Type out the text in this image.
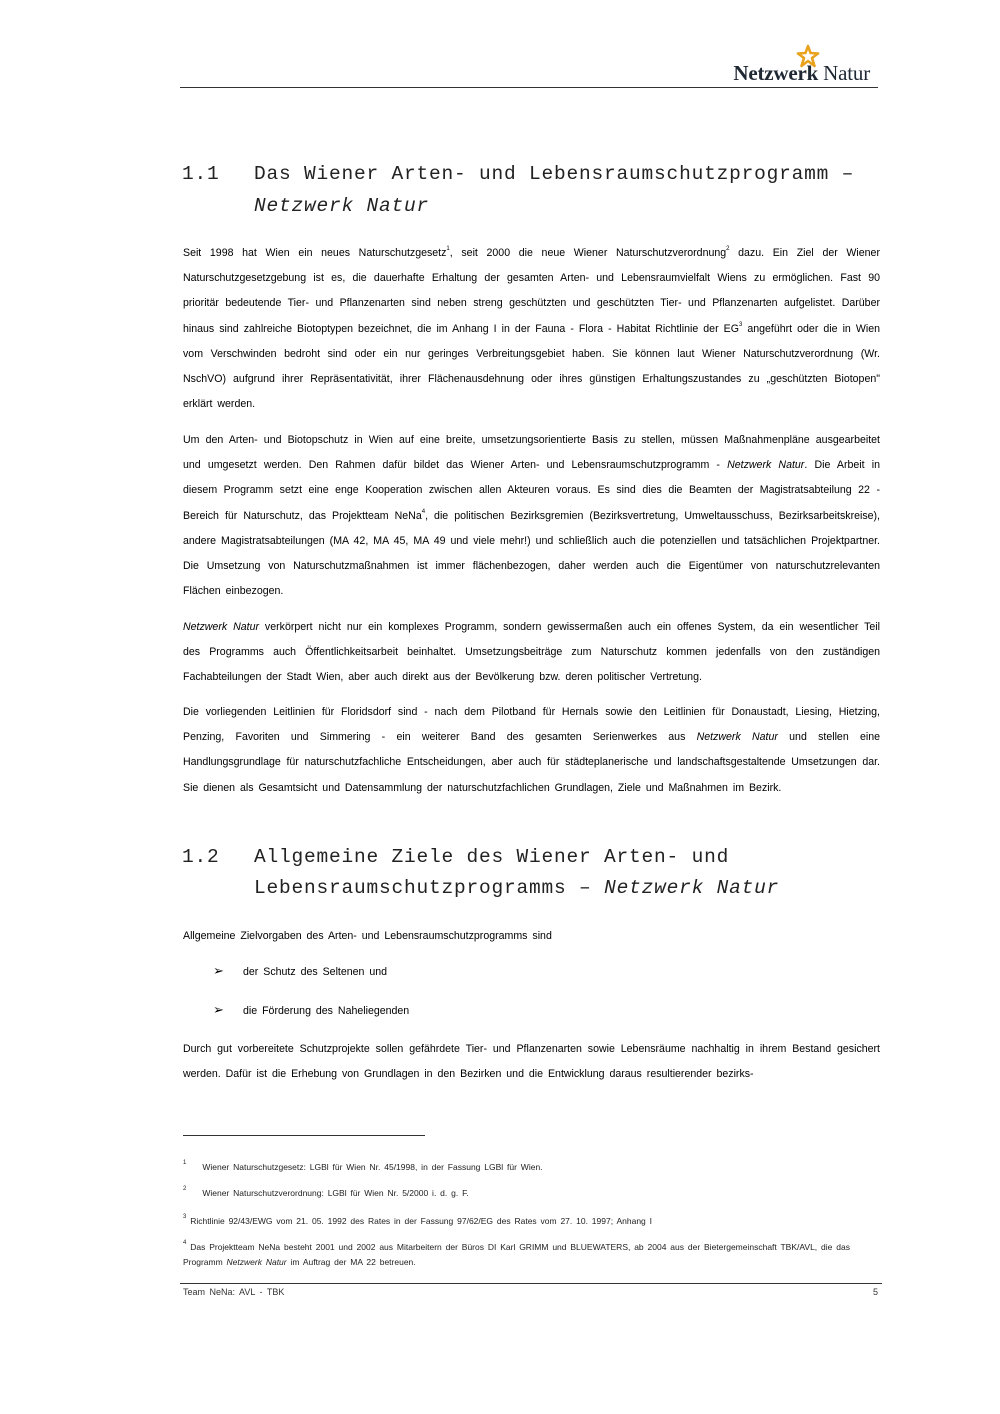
Netzwerk Natur
1.1 Das Wiener Arten- und Lebensraumschutzprogramm –
Netzwerk Natur
Seit 1998 hat Wien ein neues Naturschutzgesetz$^1$, seit 2000 die neue Wiener Naturschutzverordnung$^2$ dazu. Ein Ziel der Wiener Naturschutzgesetzgebung ist es, die dauerhafte Erhaltung der gesamten Arten- und Lebensraumvielfalt Wiens zu ermöglichen. Fast 90 prioritär bedeutende Tier- und Pflanzenarten sind neben streng geschützten und geschützten Tier- und Pflanzenarten aufgelistet. Darüber hinaus sind zahlreiche Biotoptypen bezeichnet, die im Anhang I in der Fauna - Flora - Habitat Richtlinie der $EG^3$ angeführt oder die in Wien vom Verschwinden bedroht sind oder ein nur geringes Verbreitungsgebiet haben. Sie können laut Wiener Naturschutzverordnung (Wr. NschVO) aufgrund ihrer Repräsentativität, ihrer Flächenausdehnung oder ihres günstigen Erhaltungszustandes zu „geschützten Biotopen" erklärt werden.
Um den Arten- und Biotopschutz in Wien auf eine breite, umsetzungsorientierte Basis zu stellen, müssen Maßnahmenpläne ausgearbeitet und umgesetzt werden. Den Rahmen dafür bildet das Wiener Arten- und Lebensraumschutzprogramm - Netzwerk Natur. Die Arbeit in diesem Programm setzt eine enge Kooperation zwischen allen Akteuren voraus. Es sind dies die Beamten der Magistratsabteilung 22 - Bereich für Naturschutz, das Projektteam NeNa$^4$, die politischen Bezirksgremien (Bezirksvertretung, Umweltausschuss, Bezirksarbeitskreise), andere Magistratsabteilungen (MA 42, MA 45, MA 49 und viele mehr!) und schließlich auch die potenziellen und tatsächlichen Projektpartner. Die Umsetzung von Naturschutzmaßnahmen ist immer flächenbezogen, daher werden auch die Eigentümer von naturschutzrelevanten Flächen einbezogen.
Netzwerk Natur verkörpert nicht nur ein komplexes Programm, sondern gewissermaßen auch ein offenes System, da ein wesentlicher Teil des Programms auch Öffentlichkeitsarbeit beinhaltet. Umsetzungsbeiträge zum Naturschutz kommen jedenfalls von den zuständigen Fachabteilungen der Stadt Wien, aber auch direkt aus der Bevölkerung bzw. deren politischer Vertretung.
Die vorliegenden Leitlinien für Floridsdorf sind - nach dem Pilotband für Hernals sowie den Leitlinien für Donaustadt, Liesing, Hietzing, Penzing, Favoriten und Simmering - ein weiterer Band des gesamten Serienwerkes aus Netzwerk Natur und stellen eine Handlungsgrundlage für naturschutzfachliche Entscheidungen, aber auch für städteplanerische und landschaftsgestaltende Umsetzungen dar. Sie dienen als Gesamtsicht und Datensammlung der naturschutzfachlichen Grundlagen, Ziele und Maßnahmen im Bezirk.
1.2 Allgemeine Ziele des Wiener Arten- und
Lebensraumschutzprogramms – Netzwerk Natur
Allgemeine Zielvorgaben des Arten- und Lebensraumschutzprogramms sind
➢ der Schutz des Seltenen und
➢ die Förderung des Naheliegenden
Durch gut vorbereitete Schutzprojekte sollen gefährdete Tier- und Pflanzenarten sowie Lebensräume nachhaltig in ihrem Bestand gesichert werden. Dafür ist die Erhebung von Grundlagen in den Bezirken und die Entwicklung daraus resultierender bezirks-
$^1$ Wiener Naturschutzgesetz: LGBl für Wien Nr. 45/1998, in der Fassung LGBl für Wien.
$^2$ Wiener Naturschutzverordnung: LGBl für Wien Nr. 5/2000 i. d. g. F.
$^3$ Richtlinie 92/43/EWG vom 21. 05. 1992 des Rates in der Fassung 97/62/EG des Rates vom 27. 10. 1997; Anhang I
$^4$ Das Projektteam NeNa besteht 2001 und 2002 aus Mitarbeitern der Büros DI Karl GRIMM und BLUEWATERS, ab 2004 aus der Bietergemeinschaft TBK/AVL, die das Programm Netzwerk Natur im Auftrag der MA 22 betreuen.
Team NeNa: AVL - TBK	5
